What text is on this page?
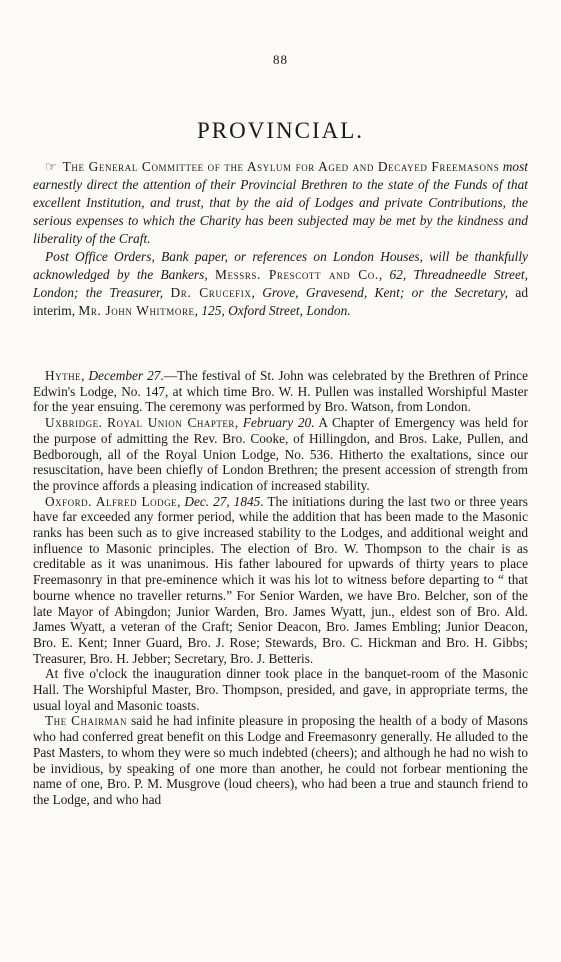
88
PROVINCIAL.

☞ The General Committee of the Asylum for Aged and Decayed Freemasons most earnestly direct the attention of their Provincial Brethren to the state of the Funds of that excellent Institution, and trust, that by the aid of Lodges and private Contributions, the serious expenses to which the Charity has been subjected may be met by the kindness and liberality of the Craft.

Post Office Orders, Bank paper, or references on London Houses, will be thankfully acknowledged by the Bankers, Messrs. Prescott and Co., 62, Threadneedle Street, London; the Treasurer, Dr. Crucefix, Grove, Gravesend, Kent; or the Secretary, ad interim, Mr. John Whitmore, 125, Oxford Street, London.

Hythe, December 27.—The festival of St. John was celebrated by the Brethren of Prince Edwin's Lodge, No. 147, at which time Bro. W. H. Pullen was installed Worshipful Master for the year ensuing. The ceremony was performed by Bro. Watson, from London.

Uxbridge. Royal Union Chapter, February 20. A Chapter of Emergency was held for the purpose of admitting the Rev. Bro. Cooke, of Hillingdon, and Bros. Lake, Pullen, and Bedborough, all of the Royal Union Lodge, No. 536. Hitherto the exaltations, since our resuscitation, have been chiefly of London Brethren; the present accession of strength from the province affords a pleasing indication of increased stability.

Oxford. Alfred Lodge, Dec. 27, 1845. The initiations during the last two or three years have far exceeded any former period, while the addition that has been made to the Masonic ranks has been such as to give increased stability to the Lodges, and additional weight and influence to Masonic principles. The election of Bro. W. Thompson to the chair is as creditable as it was unanimous. His father laboured for upwards of thirty years to place Freemasonry in that pre-eminence which it was his lot to witness before departing to “ that bourne whence no traveller returns.” For Senior Warden, we have Bro. Belcher, son of the late Mayor of Abingdon; Junior Warden, Bro. James Wyatt, jun., eldest son of Bro. Ald. James Wyatt, a veteran of the Craft; Senior Deacon, Bro. James Embling; Junior Deacon, Bro. E. Kent; Inner Guard, Bro. J. Rose; Stewards, Bro. C. Hickman and Bro. H. Gibbs; Treasurer, Bro. H. Jebber; Secretary, Bro. J. Betteris.

At five o'clock the inauguration dinner took place in the banquet-room of the Masonic Hall. The Worshipful Master, Bro. Thompson, presided, and gave, in appropriate terms, the usual loyal and Masonic toasts.

The Chairman said he had infinite pleasure in proposing the health of a body of Masons who had conferred great benefit on this Lodge and Freemasonry generally. He alluded to the Past Masters, to whom they were so much indebted (cheers); and although he had no wish to be invidious, by speaking of one more than another, he could not forbear mentioning the name of one, Bro. P. M. Musgrove (loud cheers), who had been a true and staunch friend to the Lodge, and who had
